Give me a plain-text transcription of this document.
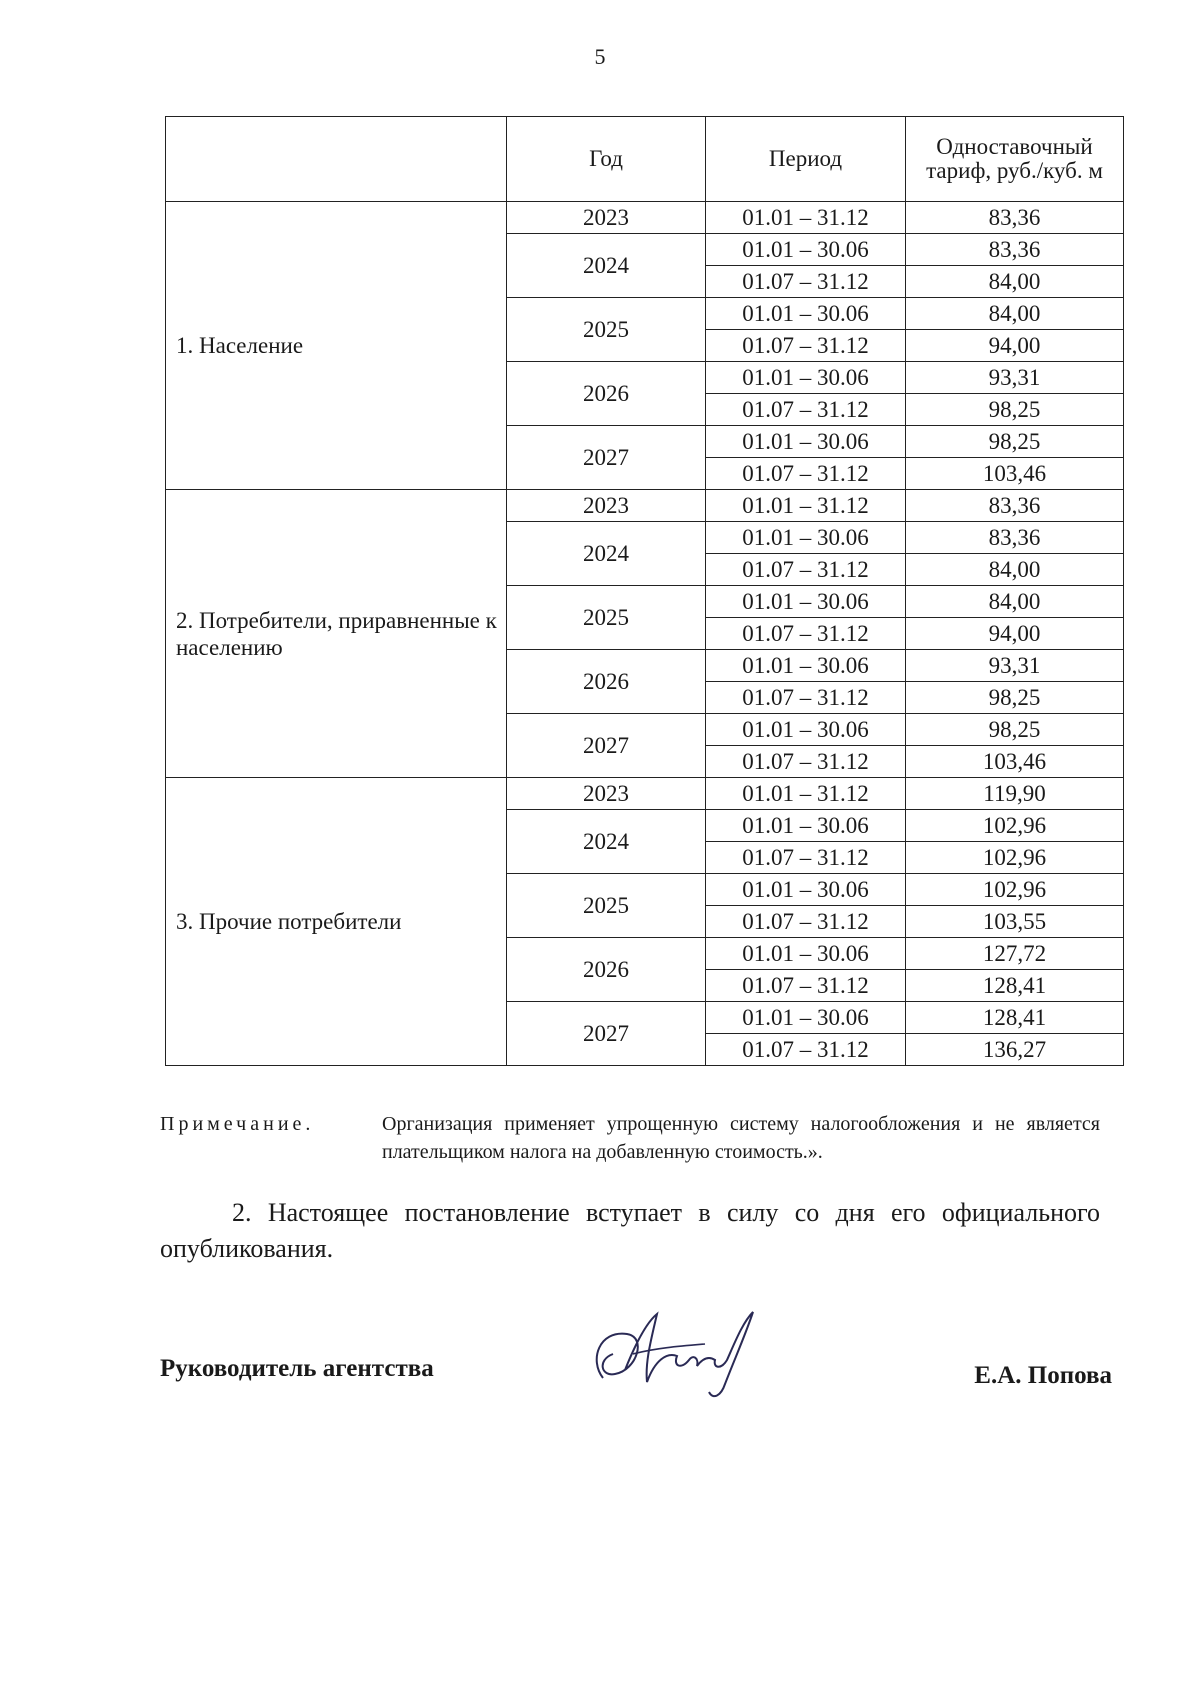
5
	Год	Период	Одноставочный тариф, руб./куб. м
1. Население	2023	01.01 – 31.12	83,36
	2024	01.01 – 30.06	83,36
		01.07 – 31.12	84,00
	2025	01.01 – 30.06	84,00
		01.07 – 31.12	94,00
	2026	01.01 – 30.06	93,31
		01.07 – 31.12	98,25
	2027	01.01 – 30.06	98,25
		01.07 – 31.12	103,46
2. Потребители, приравненные к населению	2023	01.01 – 31.12	83,36
	2024	01.01 – 30.06	83,36
		01.07 – 31.12	84,00
	2025	01.01 – 30.06	84,00
		01.07 – 31.12	94,00
	2026	01.01 – 30.06	93,31
		01.07 – 31.12	98,25
	2027	01.01 – 30.06	98,25
		01.07 – 31.12	103,46
3. Прочие потребители	2023	01.01 – 31.12	119,90
	2024	01.01 – 30.06	102,96
		01.07 – 31.12	102,96
	2025	01.01 – 30.06	102,96
		01.07 – 31.12	103,55
	2026	01.01 – 30.06	127,72
		01.07 – 31.12	128,41
	2027	01.01 – 30.06	128,41
		01.07 – 31.12	136,27
Примечание.	Организация применяет упрощенную систему налогообложения и не является плательщиком налога на добавленную стоимость.».
2. Настоящее постановление вступает в силу со дня его официального опубликования.
Руководитель агентства	Е.А. Попова
